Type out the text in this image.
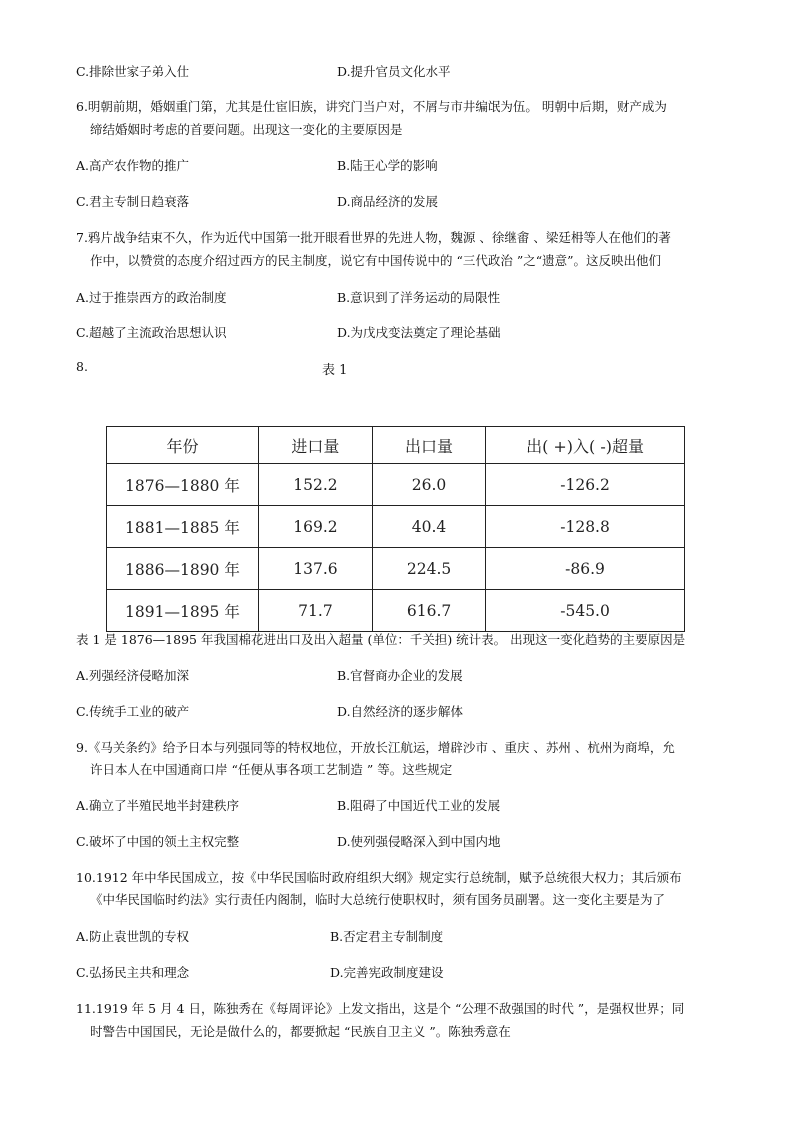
C.排除世家子弟入仕	D.提升官员文化水平
6.明朝前期，婚姻重门第，尤其是仕宦旧族，讲究门当户对，不屑与市井编氓为伍。 明朝中后期，财产成为
缔结婚姻时考虑的首要问题。出现这一变化的主要原因是
A.高产农作物的推广	B.陆王心学的影响
C.君主专制日趋衰落	D.商品经济的发展
7.鸦片战争结束不久，作为近代中国第一批开眼看世界的先进人物，魏源 、徐继畬 、梁廷枏等人在他们的著
作中，以赞赏的态度介绍过西方的民主制度，说它有中国传说中的 “三代政治 ”之“遗意”。这反映出他们
A.过于推崇西方的政治制度	B.意识到了洋务运动的局限性
C.超越了主流政治思想认识	D.为戊戌变法奠定了理论基础
8.	表 1
年份	进口量	出口量	出( +)入( -)超量
1876—1880 年	152.2	26.0	-126.2
1881—1885 年	169.2	40.4	-128.8
1886—1890 年	137.6	224.5	-86.9
1891—1895 年	71.7	616.7	-545.0
表 1 是 1876—1895 年我国棉花进出口及出入超量 (单位：千关担) 统计表。 出现这一变化趋势的主要原因是
A.列强经济侵略加深	B.官督商办企业的发展
C.传统手工业的破产	D.自然经济的逐步解体
9.《马关条约》给予日本与列强同等的特权地位，开放长江航运，增辟沙市 、重庆 、苏州 、杭州为商埠，允
许日本人在中国通商口岸 “任便从事各项工艺制造 ” 等。这些规定
A.确立了半殖民地半封建秩序	B.阻碍了中国近代工业的发展
C.破坏了中国的领土主权完整	D.使列强侵略深入到中国内地
10.1912 年中华民国成立，按《中华民国临时政府组织大纲》规定实行总统制，赋予总统很大权力；其后颁布
《中华民国临时约法》实行责任内阁制，临时大总统行使职权时，须有国务员副署。这一变化主要是为了
A.防止袁世凯的专权	B.否定君主专制制度
C.弘扬民主共和理念	D.完善宪政制度建设
11.1919 年 5 月 4 日，陈独秀在《每周评论》上发文指出，这是个 “公理不敌强国的时代 ”，是强权世界；同
时警告中国国民，无论是做什么的，都要掀起 “民族自卫主义 ”。陈独秀意在
